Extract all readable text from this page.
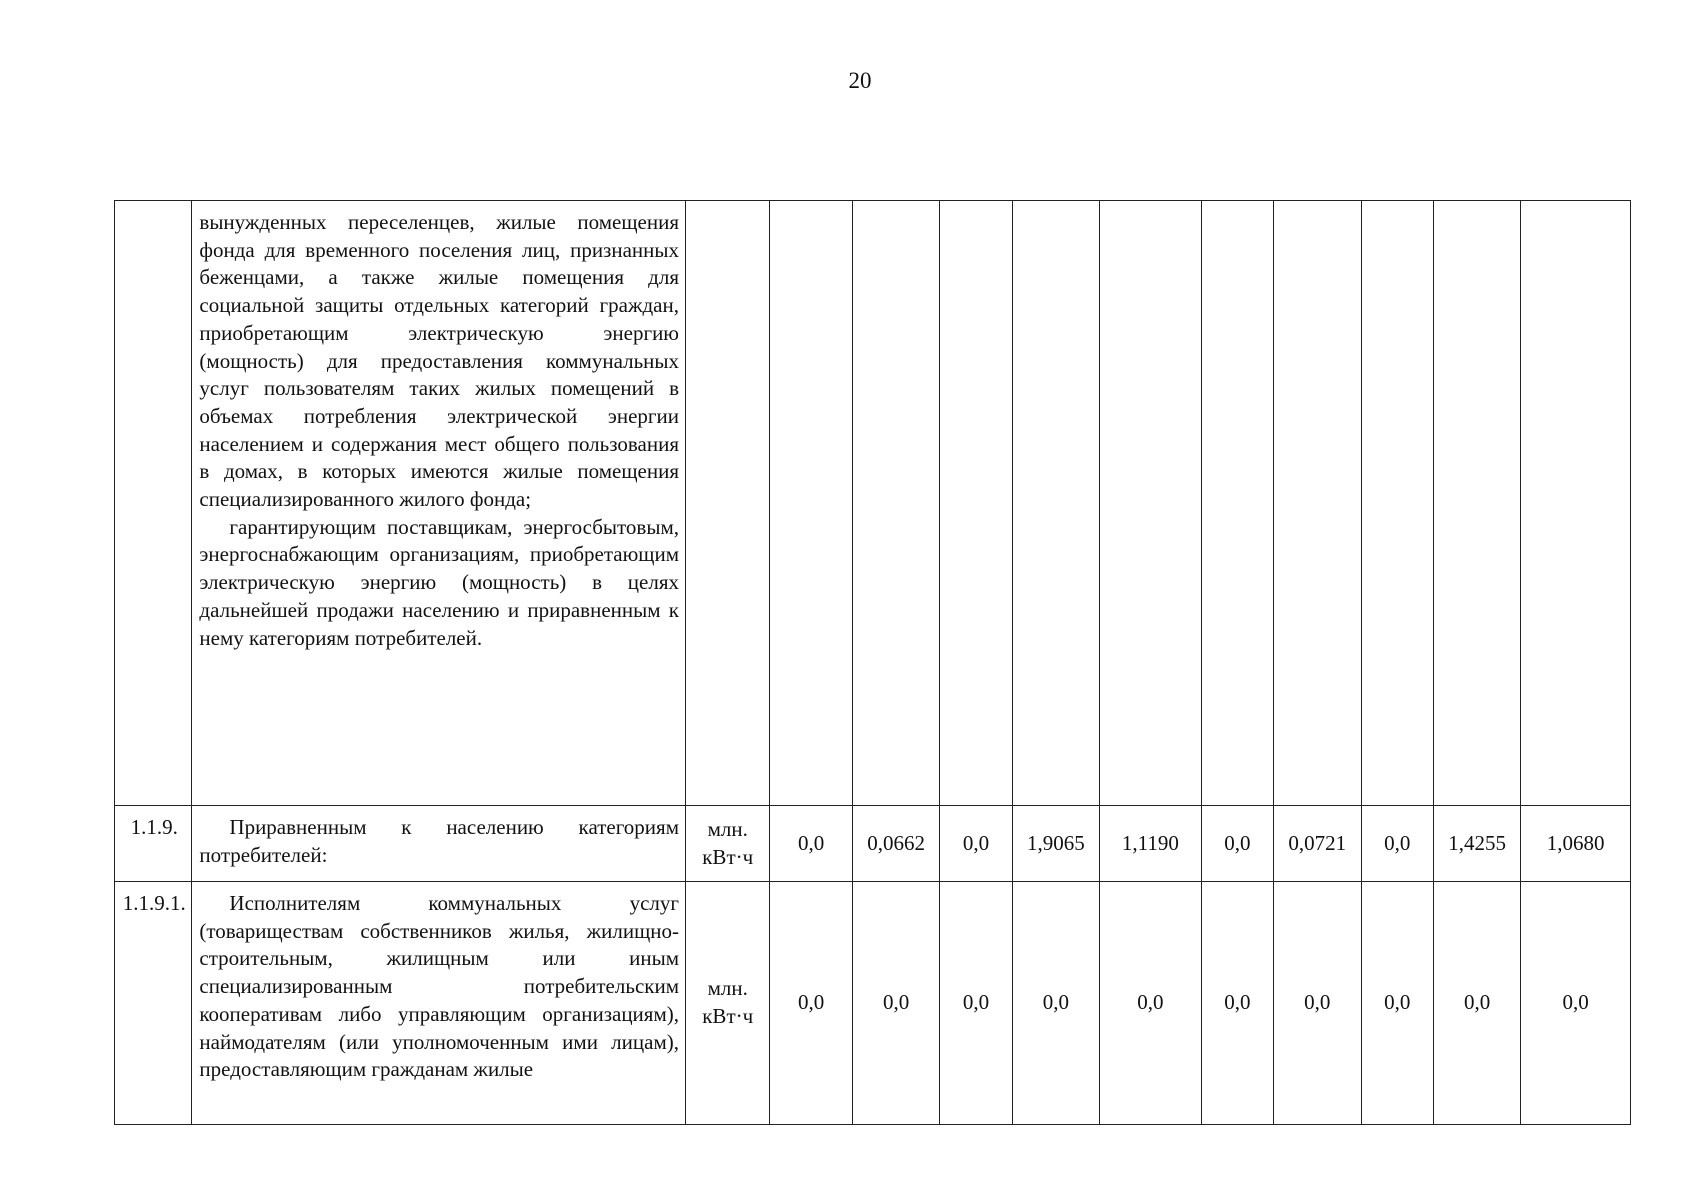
20

	вынужденных переселенцев, жилые помещения фонда для временного поселения лиц, признанных беженцами, а также жилые помещения для социальной защиты отдельных категорий граждан, приобретающим электрическую энергию (мощность) для предоставления коммунальных услуг пользователям таких жилых помещений в объемах потребления электрической энергии населением и содержания мест общего пользования в домах, в которых имеются жилые помещения специализированного жилого фонда;

гарантирующим поставщикам, энергосбытовым, энергоснабжающим организациям, приобретающим электрическую энергию (мощность) в целях дальнейшей продажи населению и приравненным к нему категориям потребителей.											

1.1.9.	Приравненным к населению категориям потребителей:	млн. кВт·ч	0,0	0,0662	0,0	1,9065	1,1190	0,0	0,0721	0,0	1,4255	1,0680
1.1.9.1.	Исполнителям коммунальных услуг (товариществам собственников жилья, жилищно-строительным, жилищным или иным специализированным потребительским кооперативам либо управляющим организациям), наймодателям (или уполномоченным ими лицам), предоставляющим гражданам жилые	млн. кВт·ч	0,0	0,0	0,0	0,0	0,0	0,0	0,0	0,0	0,0	0,0
